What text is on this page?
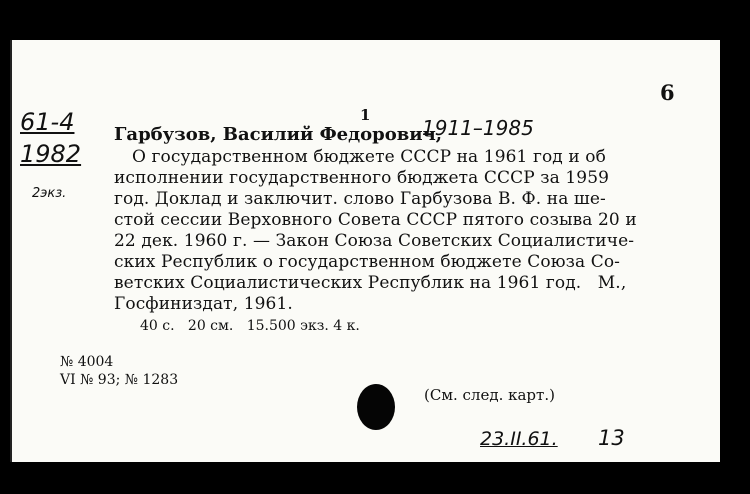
6
1
61-4
1982
2экз.
Гарбузов, Василий Федорович,
1911–1985
О государственном бюджете СССР на 1961 год и об
исполнении государственного бюджета СССР за 1959
год. Доклад и заключит. слово Гарбузова В. Ф. на ше-
стой сессии Верховного Совета СССР пятого созыва 20 и
22 дек. 1960 г. — Закон Союза Советских Социалистиче-
ских Республик о государственном бюджете Союза Со-
ветских Социалистических Республик на 1961 год.   М.,
Госфиниздат, 1961.
40 с.   20 см.   15.500 экз. 4 к.
№ 4004
VI № 93; № 1283
(См. след. карт.)
23.II.61. 13
